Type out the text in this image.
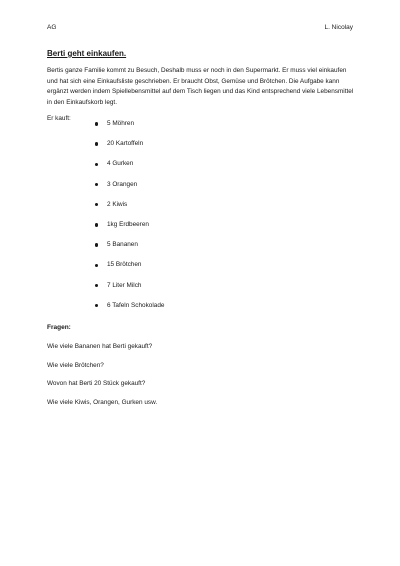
AG	L. Nicolay
Berti geht einkaufen.
Bertis ganze Familie kommt zu Besuch, Deshalb muss er noch in den Supermarkt. Er muss viel einkaufen und hat sich eine Einkaufsliste geschrieben. Er braucht Obst, Gemüse und Brötchen. Die Aufgabe kann ergänzt werden indem Spiellebensmittel auf dem Tisch liegen und das Kind entsprechend viele Lebensmittel in den Einkaufskorb legt.
Er kauft:
5 Möhren
20 Kartoffeln
4 Gurken
3 Orangen
2 Kiwis
1kg Erdbeeren
5 Bananen
15 Brötchen
7 Liter Milch
6 Tafeln Schokolade
Fragen:
Wie viele Bananen hat Berti gekauft?
Wie viele Brötchen?
Wovon hat Berti 20 Stück gekauft?
Wie viele Kiwis, Orangen, Gurken usw.
